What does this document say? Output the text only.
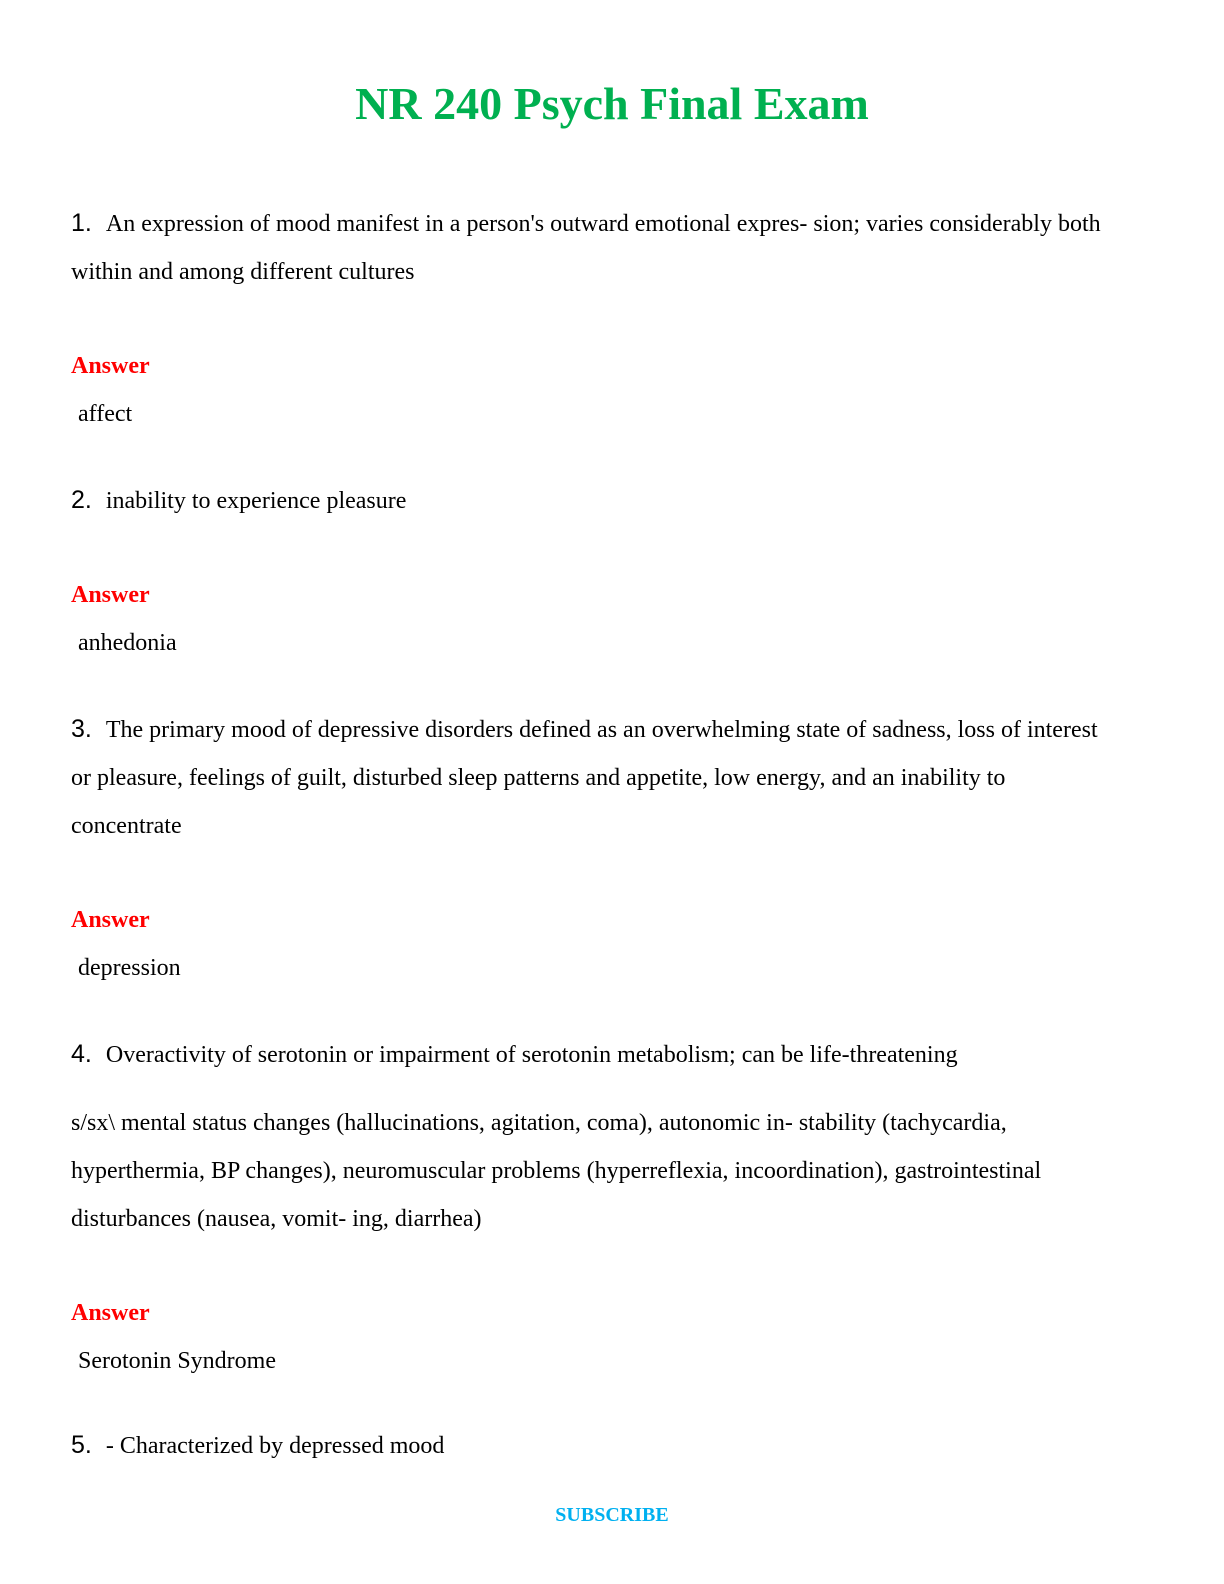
NR 240 Psych Final Exam

1. An expression of mood manifest in a person's outward emotional expres- sion; varies considerably both within and among different cultures

Answer

affect

2. inability to experience pleasure

Answer

anhedonia

3. The primary mood of depressive disorders defined as an overwhelming state of sadness, loss of interest or pleasure, feelings of guilt, disturbed sleep patterns and appetite, low energy, and an inability to concentrate

Answer

depression

4. Overactivity of serotonin or impairment of serotonin metabolism; can be life-threatening

s/sx\ mental status changes (hallucinations, agitation, coma), autonomic in- stability (tachycardia, hyperthermia, BP changes), neuromuscular problems (hyperreflexia, incoordination), gastrointestinal disturbances (nausea, vomit- ing, diarrhea)

Answer

Serotonin Syndrome

5. - Characterized by depressed mood

SUBSCRIBE
